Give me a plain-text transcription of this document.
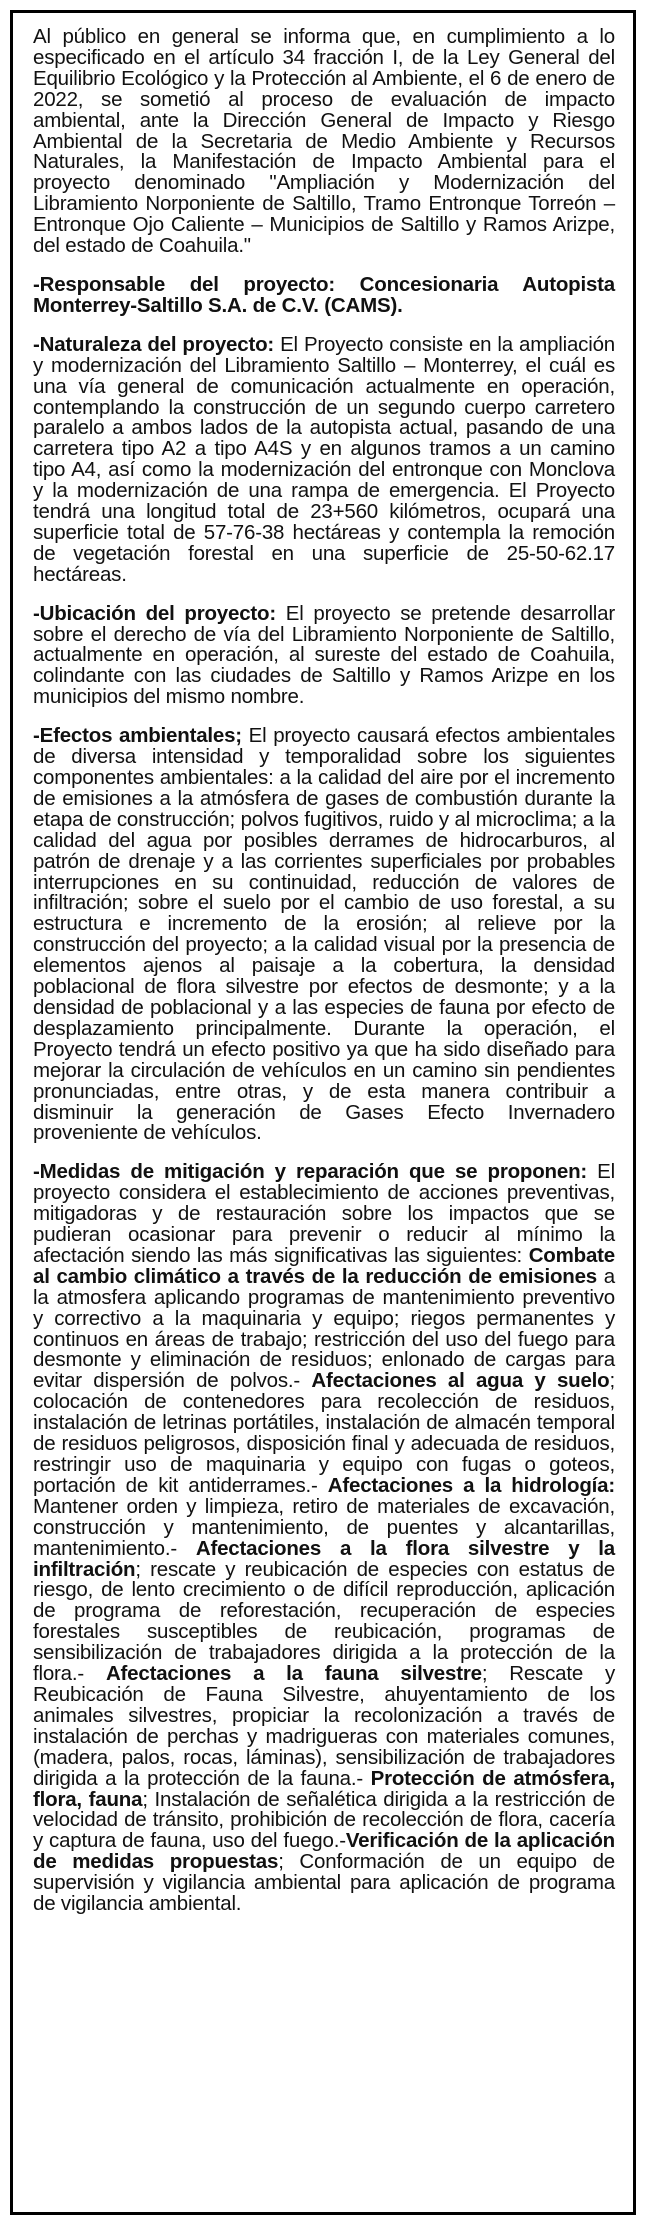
Al público en general se informa que, en cumplimiento a lo especificado en el artículo 34 fracción I, de la Ley General del Equilibrio Ecológico y la Protección al Ambiente, el 6 de enero de 2022, se sometió al proceso de evaluación de impacto ambiental, ante la Dirección General de Impacto y Riesgo Ambiental de la Secretaria de Medio Ambiente y Recursos Naturales, la Manifestación de Impacto Ambiental para el proyecto denominado "Ampliación y Modernización del Libramiento Norponiente de Saltillo, Tramo Entronque Torreón – Entronque Ojo Caliente – Municipios de Saltillo y Ramos Arizpe, del estado de Coahuila."

-Responsable del proyecto: Concesionaria Autopista Monterrey-Saltillo S.A. de C.V. (CAMS).

-Naturaleza del proyecto: El Proyecto consiste en la ampliación y modernización del Libramiento Saltillo – Monterrey, el cuál es una vía general de comunicación actualmente en operación, contemplando la construcción de un segundo cuerpo carretero paralelo a ambos lados de la autopista actual, pasando de una carretera tipo A2 a tipo A4S y en algunos tramos a un camino tipo A4, así como la modernización del entronque con Monclova y la modernización de una rampa de emergencia. El Proyecto tendrá una longitud total de 23+560 kilómetros, ocupará una superficie total de 57-76-38 hectáreas y contempla la remoción de vegetación forestal en una superficie de 25-50-62.17 hectáreas.

-Ubicación del proyecto: El proyecto se pretende desarrollar sobre el derecho de vía del Libramiento Norponiente de Saltillo, actualmente en operación, al sureste del estado de Coahuila, colindante con las ciudades de Saltillo y Ramos Arizpe en los municipios del mismo nombre.

-Efectos ambientales; El proyecto causará efectos ambientales de diversa intensidad y temporalidad sobre los siguientes componentes ambientales: a la calidad del aire por el incremento de emisiones a la atmósfera de gases de combustión durante la etapa de construcción; polvos fugitivos, ruido y al microclima; a la calidad del agua por posibles derrames de hidrocarburos, al patrón de drenaje y a las corrientes superficiales por probables interrupciones en su continuidad, reducción de valores de infiltración; sobre el suelo por el cambio de uso forestal, a su estructura e incremento de la erosión; al relieve por la construcción del proyecto; a la calidad visual por la presencia de elementos ajenos al paisaje a la cobertura, la densidad poblacional de flora silvestre por efectos de desmonte; y a la densidad de poblacional y a las especies de fauna por efecto de desplazamiento principalmente. Durante la operación, el Proyecto tendrá un efecto positivo ya que ha sido diseñado para mejorar la circulación de vehículos en un camino sin pendientes pronunciadas, entre otras, y de esta manera contribuir a disminuir la generación de Gases Efecto Invernadero proveniente de vehículos.

-Medidas de mitigación y reparación que se proponen: El proyecto considera el establecimiento de acciones preventivas, mitigadoras y de restauración sobre los impactos que se pudieran ocasionar para prevenir o reducir al mínimo la afectación siendo las más significativas las siguientes: Combate al cambio climático a través de la reducción de emisiones a la atmosfera aplicando programas de mantenimiento preventivo y correctivo a la maquinaria y equipo; riegos permanentes y continuos en áreas de trabajo; restricción del uso del fuego para desmonte y eliminación de residuos; enlonado de cargas para evitar dispersión de polvos.- Afectaciones al agua y suelo; colocación de contenedores para recolección de residuos, instalación de letrinas portátiles, instalación de almacén temporal de residuos peligrosos, disposición final y adecuada de residuos, restringir uso de maquinaria y equipo con fugas o goteos, portación de kit antiderrames.- Afectaciones a la hidrología: Mantener orden y limpieza, retiro de materiales de excavación, construcción y mantenimiento, de puentes y alcantarillas, mantenimiento.- Afectaciones a la flora silvestre y la infiltración; rescate y reubicación de especies con estatus de riesgo, de lento crecimiento o de difícil reproducción, aplicación de programa de reforestación, recuperación de especies forestales susceptibles de reubicación, programas de sensibilización de trabajadores dirigida a la protección de la flora.- Afectaciones a la fauna silvestre; Rescate y Reubicación de Fauna Silvestre, ahuyentamiento de los animales silvestres, propiciar la recolonización a través de instalación de perchas y madrigueras con materiales comunes, (madera, palos, rocas, láminas), sensibilización de trabajadores dirigida a la protección de la fauna.- Protección de atmósfera, flora, fauna; Instalación de señalética dirigida a la restricción de velocidad de tránsito, prohibición de recolección de flora, cacería y captura de fauna, uso del fuego.-Verificación de la aplicación de medidas propuestas; Conformación de un equipo de supervisión y vigilancia ambiental para aplicación de programa de vigilancia ambiental.
